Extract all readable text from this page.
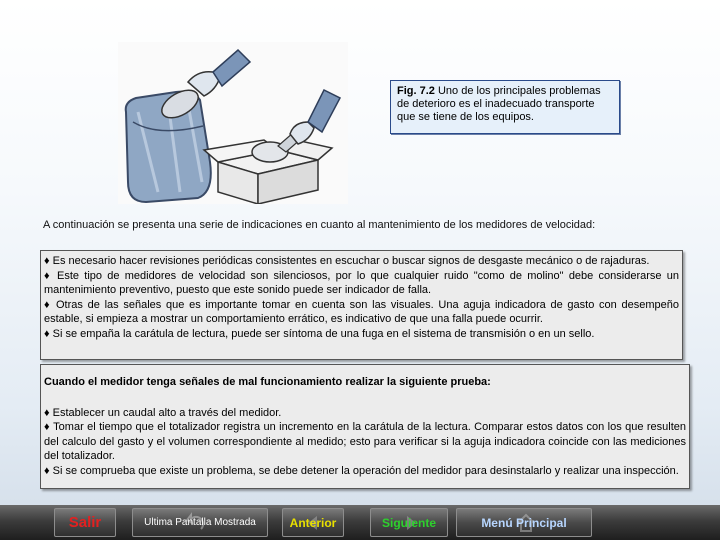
Fig. 7.2 Uno de los principales problemas de deterioro es el inadecuado transporte que se tiene de los equipos.
A continuación se presenta una serie de indicaciones en cuanto al mantenimiento de los medidores de velocidad:

♦ Es necesario hacer revisiones periódicas consistentes en escuchar o buscar signos de desgaste mecánico o de rajaduras.

♦ Este tipo de medidores de velocidad son silenciosos, por lo que cualquier ruido "como de molino" debe considerarse un mantenimiento preventivo, puesto que este sonido puede ser indicador de falla.

♦ Otras de las señales que es importante tomar en cuenta son las visuales. Una aguja indicadora de gasto con desempeño estable, si empieza a mostrar un comportamiento errático, es indicativo de que una falla puede ocurrir.

♦ Si se empaña la carátula de lectura, puede ser síntoma de una fuga en el sistema de transmisión o en un sello.

Cuando el medidor tenga señales de mal funcionamiento realizar la siguiente prueba:

♦ Establecer un caudal alto a través del medidor.

♦ Tomar el tiempo que el totalizador registra un incremento en la carátula de la lectura. Comparar estos datos con los que resulten del calculo del gasto y el volumen correspondiente al medido; esto para verificar si la aguja indicadora coincide con las mediciones del totalizador.

♦ Si se comprueba que existe un problema, se debe detener la operación del medidor para desinstalarlo y realizar una inspección.

Salir	Ultima Pantalla Mostrada	Anterior	Siguiente	Menú Principal
